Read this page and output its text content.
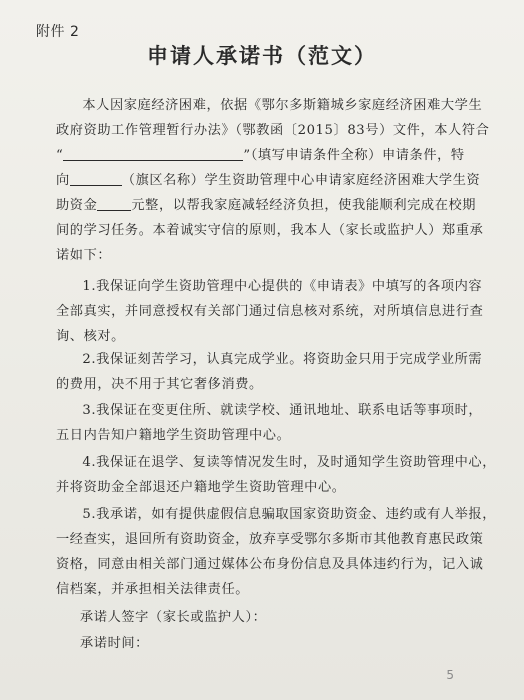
附件 2
申请人承诺书（范文）
本人因家庭经济困难，依据《鄂尔多斯籍城乡家庭经济困难大学生
政府资助工作管理暂行办法》（鄂教函〔2015〕83号）文件，本人符合
“	”（填写申请条件全称）申请条件，特
向	（旗区名称）学生资助管理中心申请家庭经济困难大学生资
助资金	元整，以帮我家庭减轻经济负担，使我能顺利完成在校期
间的学习任务。本着诚实守信的原则，我本人（家长或监护人）郑重承
诺如下：
1.我保证向学生资助管理中心提供的《申请表》中填写的各项内容
全部真实，并同意授权有关部门通过信息核对系统，对所填信息进行查
询、核对。
2.我保证刻苦学习，认真完成学业。将资助金只用于完成学业所需
的费用，决不用于其它奢侈消费。
3.我保证在变更住所、就读学校、通讯地址、联系电话等事项时，
五日内告知户籍地学生资助管理中心。
4.我保证在退学、复读等情况发生时，及时通知学生资助管理中心，
并将资助金全部退还户籍地学生资助管理中心。
5.我承诺，如有提供虚假信息骗取国家资助资金、违约或有人举报，
一经查实，退回所有资助资金，放弃享受鄂尔多斯市其他教育惠民政策
资格，同意由相关部门通过媒体公布身份信息及具体违约行为，记入诚
信档案，并承担相关法律责任。
承诺人签字（家长或监护人）：
承诺时间：
5
